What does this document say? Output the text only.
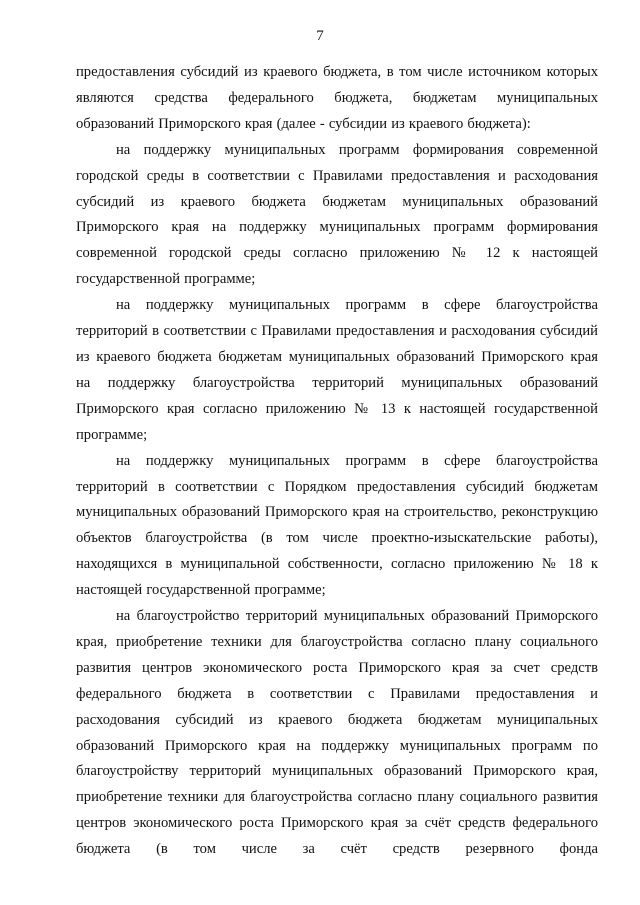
7

предоставления субсидий из краевого бюджета, в том числе источником которых являются средства федерального бюджета, бюджетам муниципальных образований Приморского края (далее - субсидии из краевого бюджета):

на поддержку муниципальных программ формирования современной городской среды в соответствии с Правилами предоставления и расходования субсидий из краевого бюджета бюджетам муниципальных образований Приморского края на поддержку муниципальных программ формирования современной городской среды согласно приложению № 12 к настоящей государственной программе;

на поддержку муниципальных программ в сфере благоустройства территорий в соответствии с Правилами предоставления и расходования субсидий из краевого бюджета бюджетам муниципальных образований Приморского края на поддержку благоустройства территорий муниципальных образований Приморского края согласно приложению № 13 к настоящей государственной программе;

на поддержку муниципальных программ в сфере благоустройства территорий в соответствии с Порядком предоставления субсидий бюджетам муниципальных образований Приморского края на строительство, реконструкцию объектов благоустройства (в том числе проектно-изыскательские работы), находящихся в муниципальной собственности, согласно приложению № 18 к настоящей государственной программе;

на благоустройство территорий муниципальных образований Приморского края, приобретение техники для благоустройства согласно плану социального развития центров экономического роста Приморского края за счет средств федерального бюджета в соответствии с Правилами предоставления и расходования субсидий из краевого бюджета бюджетам муниципальных образований Приморского края на поддержку муниципальных программ по благоустройству территорий муниципальных образований Приморского края, приобретение техники для благоустройства согласно плану социального развития центров экономического роста Приморского края за счёт средств федерального бюджета (в том числе за счёт средств резервного фонда
